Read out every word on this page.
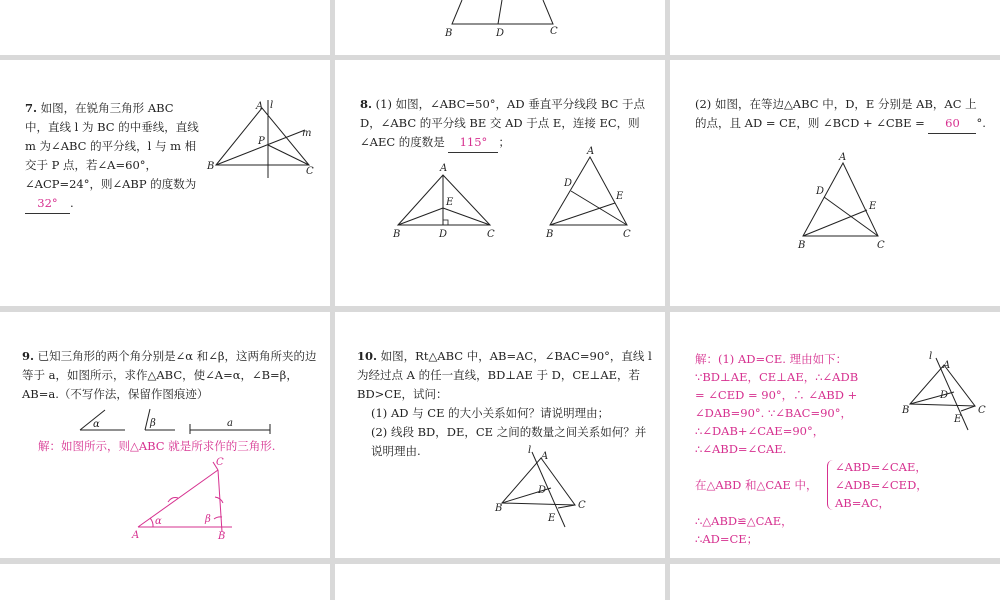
B	D	C
7. 如图，在锐角三角形 ABC 中，直线 l 为 BC 的中垂线，直线 m 为∠ABC 的平分线，l 与 m 相交于 P 点，若∠A=60°，∠ACP=24°，则∠ABP 的度数为 32° .
A l
m
P
B	C
8. (1) 如图，∠ABC=50°，AD 垂直平分线段 BC 于点 D，∠ABC 的平分线 BE 交 AD 于点 E，连接 EC，则∠AEC 的度数是 115° ；
A
E
B	D	C
A
D
E
B	C
(2) 如图，在等边△ABC 中，D，E 分别是 AB，AC 上的点，且 AD = CE，则 ∠BCD + ∠CBE = 60 °.
A
D
E
B	C
9. 已知三角形的两个角分别是∠α 和∠β，这两角所夹的边等于 a，如图所示，求作△ABC，使∠A=α，∠B=β，AB=a.（不写作法，保留作图痕迹）
α	β	a
解：如图所示，则△ABC 就是所求作的三角形.
α	β
A	B
C
10. 如图，Rt△ABC 中，AB=AC，∠BAC=90°，直线 l 为经过点 A 的任一直线，BD⊥AE 于 D，CE⊥AE，若 BD>CE，试问：
(1) AD 与 CE 的大小关系如何？请说明理由；
(2) 线段 BD，DE，CE 之间的数量之间关系如何？并说明理由.	l
A
D
B	C
E
解：(1) AD=CE. 理由如下：
∵BD⊥AE，CE⊥AE，∴∠ADB
= ∠CED = 90°，∴ ∠ABD +
∠DAB=90°. ∵∠BAC=90°，
∴∠DAB+∠CAE=90°，
∴∠ABD=∠CAE.
在△ABD 和△CAE 中，
∠ABD=∠CAE，
∠ADB=∠CED，
AB=AC，
∴△ABD≌△CAE，
∴AD=CE；
l
A
D
B	C
E
